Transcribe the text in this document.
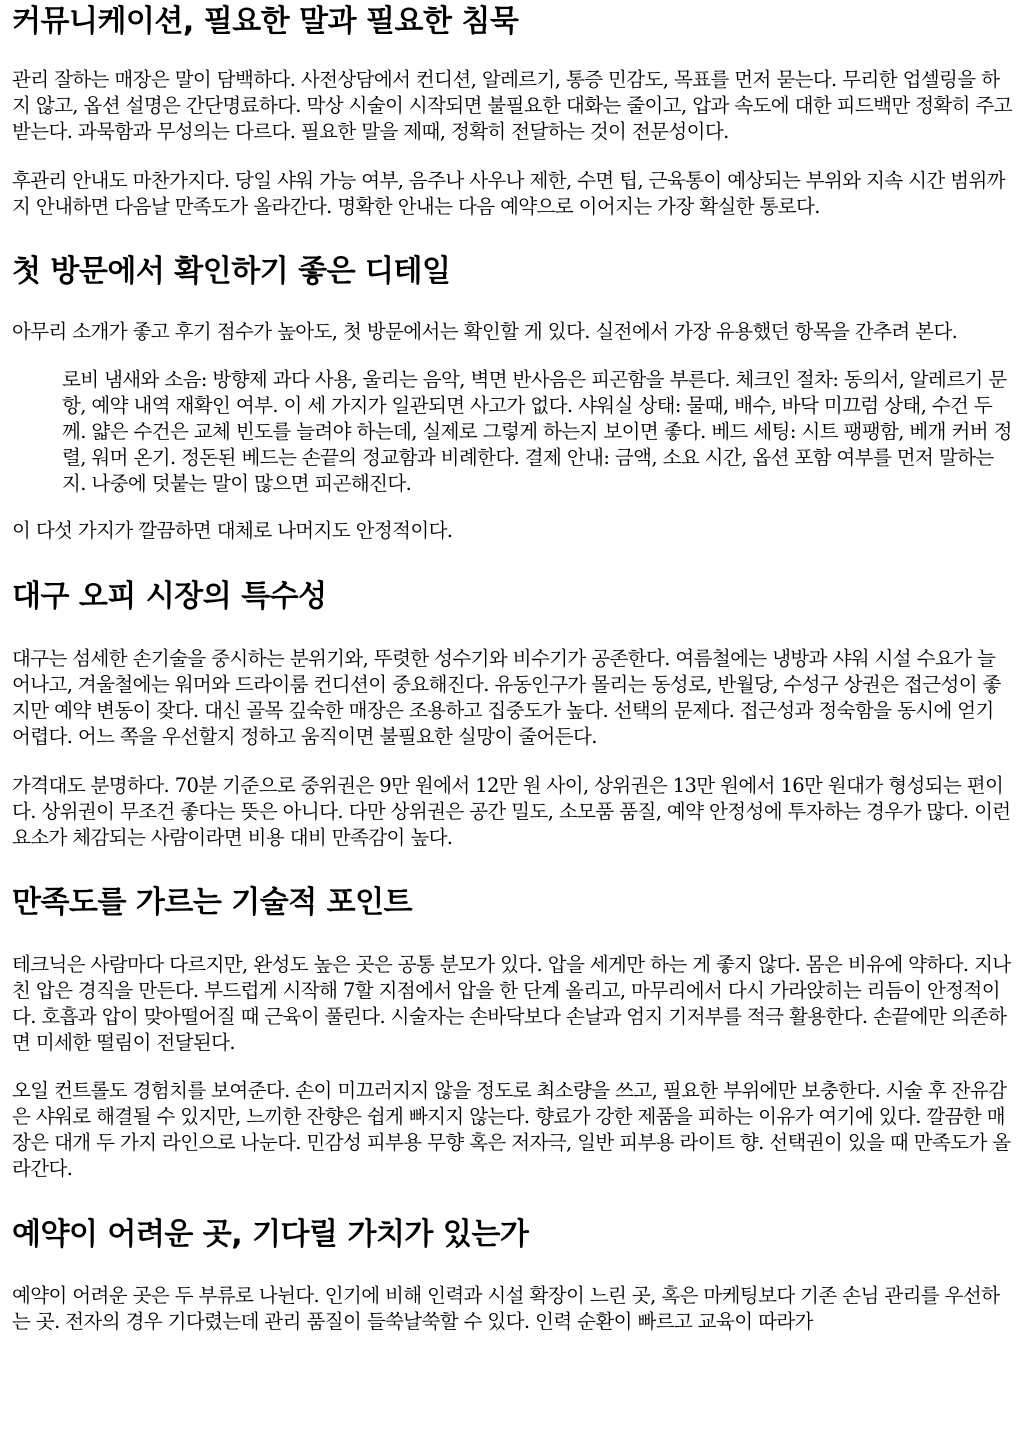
커뮤니케이션, 필요한 말과 필요한 침묵

관리 잘하는 매장은 말이 담백하다. 사전상담에서 컨디션, 알레르기, 통증 민감도, 목표를 먼저 묻는다. 무리한 업셀링을 하지 않고, 옵션 설명은 간단명료하다. 막상 시술이 시작되면 불필요한 대화는 줄이고, 압과 속도에 대한 피드백만 정확히 주고받는다. 과묵함과 무성의는 다르다. 필요한 말을 제때, 정확히 전달하는 것이 전문성이다.

후관리 안내도 마찬가지다. 당일 샤워 가능 여부, 음주나 사우나 제한, 수면 팁, 근육통이 예상되는 부위와 지속 시간 범위까지 안내하면 다음날 만족도가 올라간다. 명확한 안내는 다음 예약으로 이어지는 가장 확실한 통로다.

첫 방문에서 확인하기 좋은 디테일

아무리 소개가 좋고 후기 점수가 높아도, 첫 방문에서는 확인할 게 있다. 실전에서 가장 유용했던 항목을 간추려 본다.

로비 냄새와 소음: 방향제 과다 사용, 울리는 음악, 벽면 반사음은 피곤함을 부른다. 체크인 절차: 동의서, 알레르기 문항, 예약 내역 재확인 여부. 이 세 가지가 일관되면 사고가 없다. 샤워실 상태: 물때, 배수, 바닥 미끄럼 상태, 수건 두께. 얇은 수건은 교체 빈도를 늘려야 하는데, 실제로 그렇게 하는지 보이면 좋다. 베드 세팅: 시트 팽팽함, 베개 커버 정렬, 워머 온기. 정돈된 베드는 손끝의 정교함과 비례한다. 결제 안내: 금액, 소요 시간, 옵션 포함 여부를 먼저 말하는지. 나중에 덧붙는 말이 많으면 피곤해진다.

이 다섯 가지가 깔끔하면 대체로 나머지도 안정적이다.

대구 오피 시장의 특수성

대구는 섬세한 손기술을 중시하는 분위기와, 뚜렷한 성수기와 비수기가 공존한다. 여름철에는 냉방과 샤워 시설 수요가 늘어나고, 겨울철에는 워머와 드라이룸 컨디션이 중요해진다. 유동인구가 몰리는 동성로, 반월당, 수성구 상권은 접근성이 좋지만 예약 변동이 잦다. 대신 골목 깊숙한 매장은 조용하고 집중도가 높다. 선택의 문제다. 접근성과 정숙함을 동시에 얻기 어렵다. 어느 쪽을 우선할지 정하고 움직이면 불필요한 실망이 줄어든다.

가격대도 분명하다. 70분 기준으로 중위권은 9만 원에서 12만 원 사이, 상위권은 13만 원에서 16만 원대가 형성되는 편이다. 상위권이 무조건 좋다는 뜻은 아니다. 다만 상위권은 공간 밀도, 소모품 품질, 예약 안정성에 투자하는 경우가 많다. 이런 요소가 체감되는 사람이라면 비용 대비 만족감이 높다.

만족도를 가르는 기술적 포인트

테크닉은 사람마다 다르지만, 완성도 높은 곳은 공통 분모가 있다. 압을 세게만 하는 게 좋지 않다. 몸은 비유에 약하다. 지나친 압은 경직을 만든다. 부드럽게 시작해 7할 지점에서 압을 한 단계 올리고, 마무리에서 다시 가라앉히는 리듬이 안정적이다. 호흡과 압이 맞아떨어질 때 근육이 풀린다. 시술자는 손바닥보다 손날과 엄지 기저부를 적극 활용한다. 손끝에만 의존하면 미세한 떨림이 전달된다.

오일 컨트롤도 경험치를 보여준다. 손이 미끄러지지 않을 정도로 최소량을 쓰고, 필요한 부위에만 보충한다. 시술 후 잔유감은 샤워로 해결될 수 있지만, 느끼한 잔향은 쉽게 빠지지 않는다. 향료가 강한 제품을 피하는 이유가 여기에 있다. 깔끔한 매장은 대개 두 가지 라인으로 나눈다. 민감성 피부용 무향 혹은 저자극, 일반 피부용 라이트 향. 선택권이 있을 때 만족도가 올라간다.

예약이 어려운 곳, 기다릴 가치가 있는가

예약이 어려운 곳은 두 부류로 나뉜다. 인기에 비해 인력과 시설 확장이 느린 곳, 혹은 마케팅보다 기존 손님 관리를 우선하는 곳. 전자의 경우 기다렸는데 관리 품질이 들쑥날쑥할 수 있다. 인력 순환이 빠르고 교육이 따라가
